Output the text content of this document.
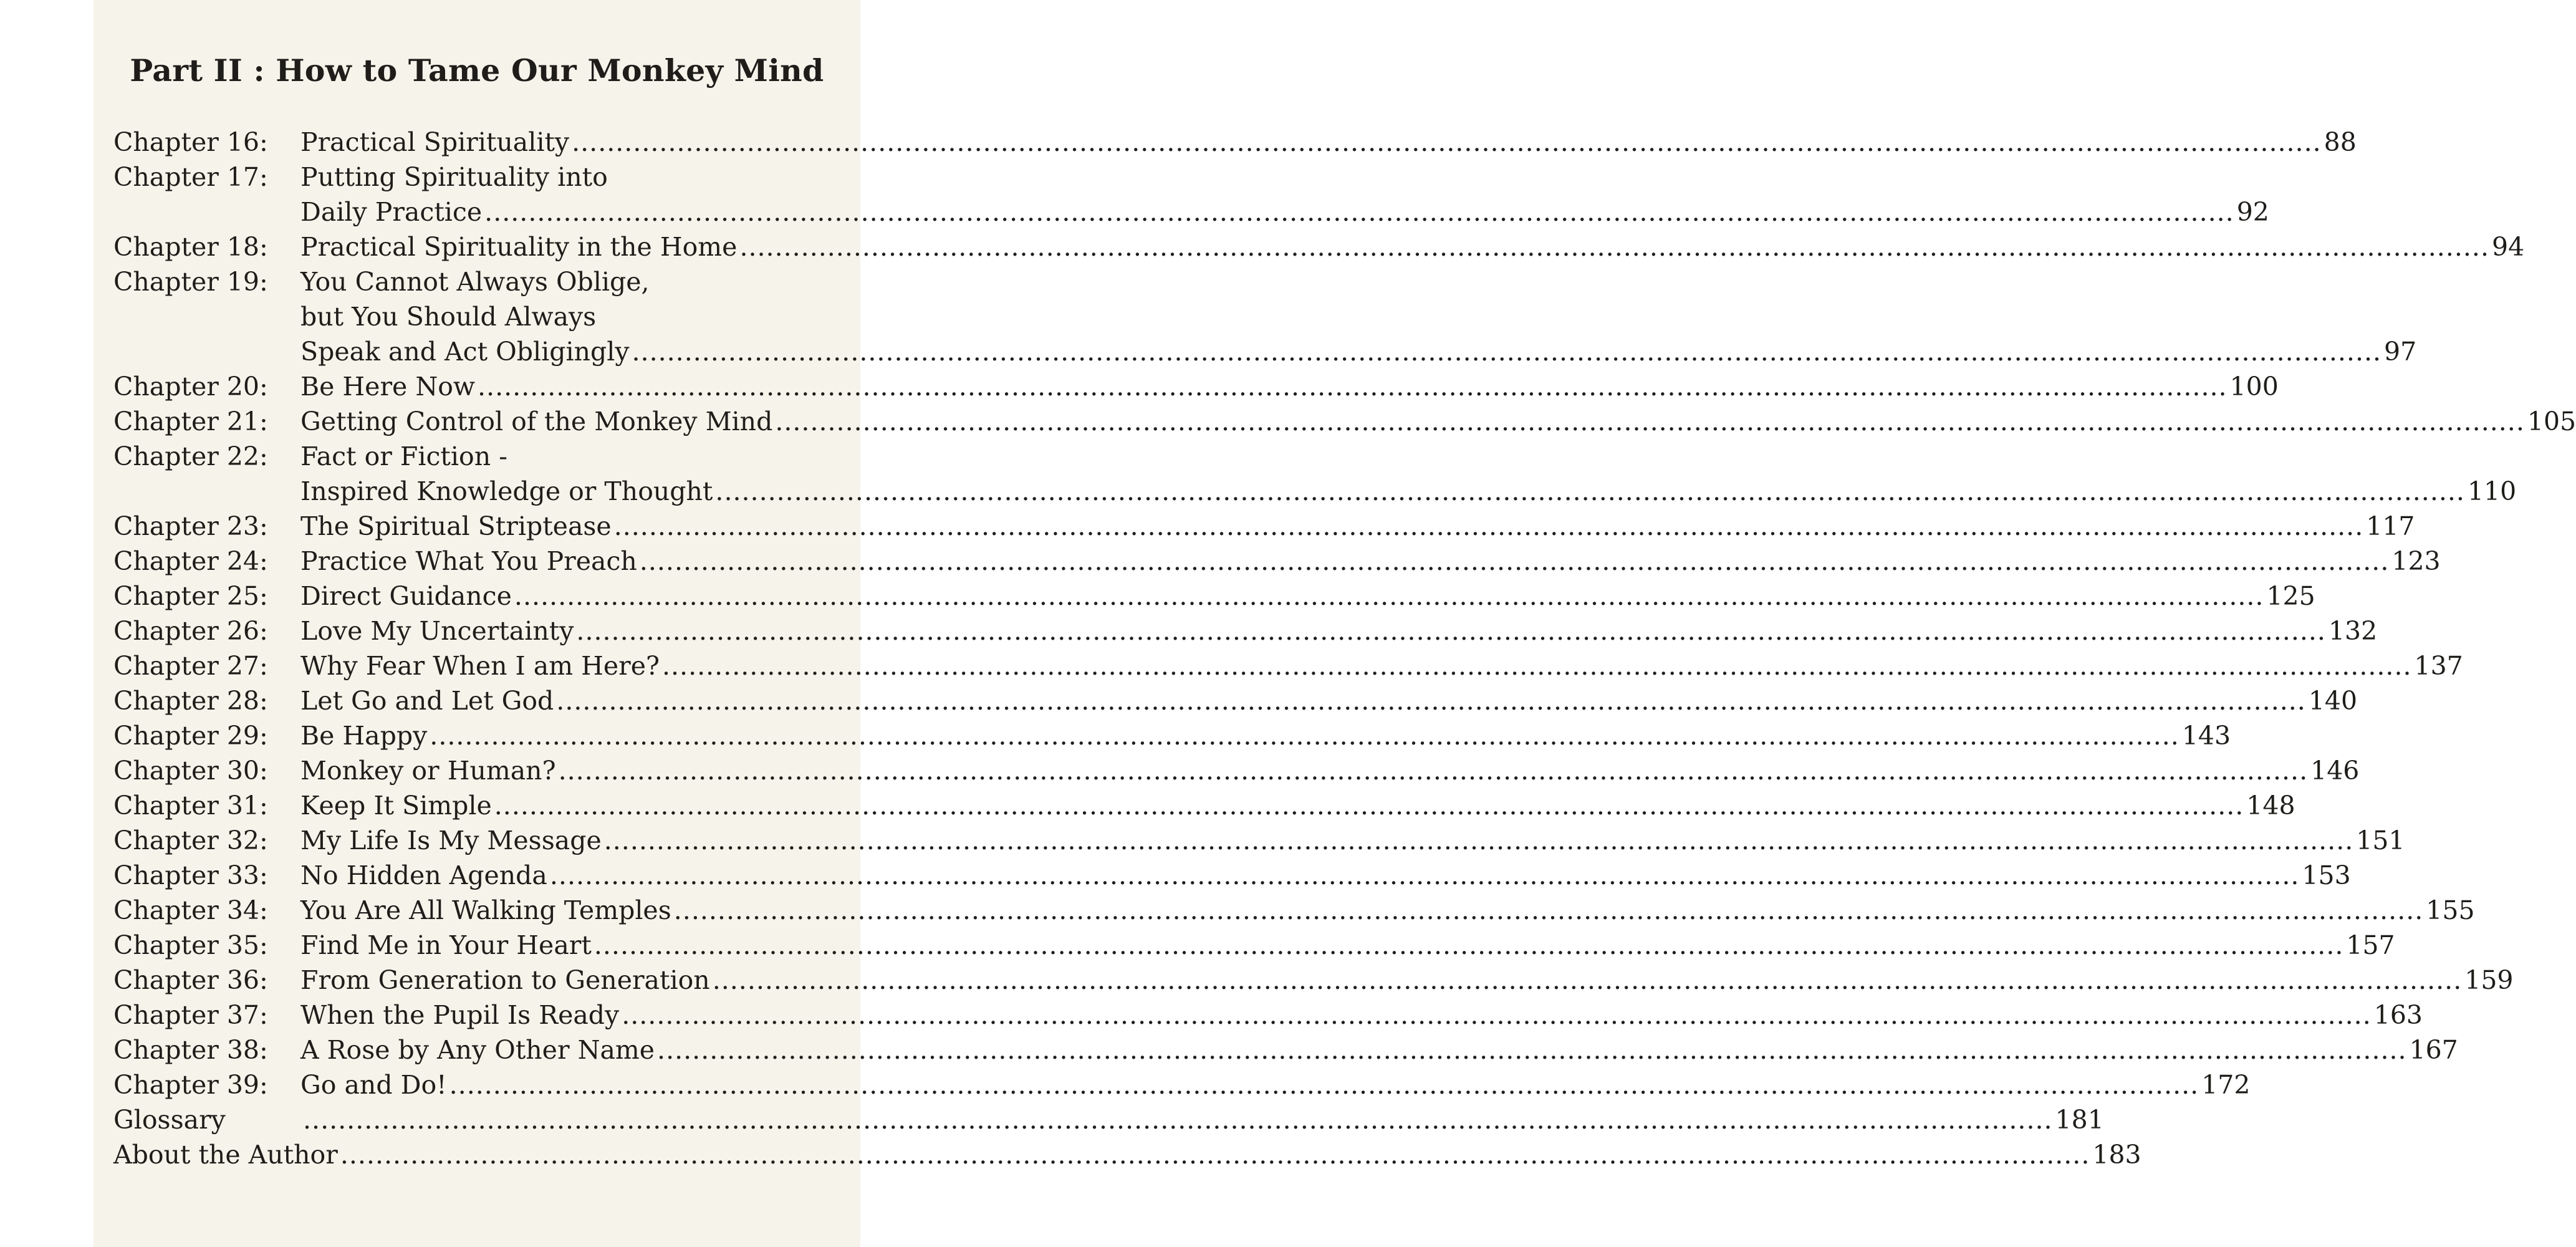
Part II : How to Tame Our Monkey Mind
Chapter 16:	Practical Spirituality ........................................................................................................................................................................................................ 88
Chapter 17:	Putting Spirituality into
Daily Practice ........................................................................................................................................................................................................ 92
Chapter 18:	Practical Spirituality in the Home ........................................................................................................................................................................................................ 94
Chapter 19:	You Cannot Always Oblige,
but You Should Always
Speak and Act Obligingly ........................................................................................................................................................................................................ 97
Chapter 20:	Be Here Now ........................................................................................................................................................................................................ 100
Chapter 21:	Getting Control of the Monkey Mind ........................................................................................................................................................................................................ 105
Chapter 22:	Fact or Fiction -
Inspired Knowledge or Thought ........................................................................................................................................................................................................ 110
Chapter 23:	The Spiritual Striptease ........................................................................................................................................................................................................ 117
Chapter 24:	Practice What You Preach ........................................................................................................................................................................................................ 123
Chapter 25:	Direct Guidance ........................................................................................................................................................................................................ 125
Chapter 26:	Love My Uncertainty ........................................................................................................................................................................................................ 132
Chapter 27:	Why Fear When I am Here? ........................................................................................................................................................................................................ 137
Chapter 28:	Let Go and Let God ........................................................................................................................................................................................................ 140
Chapter 29:	Be Happy ........................................................................................................................................................................................................ 143
Chapter 30:	Monkey or Human? ........................................................................................................................................................................................................ 146
Chapter 31:	Keep It Simple ........................................................................................................................................................................................................ 148
Chapter 32:	My Life Is My Message ........................................................................................................................................................................................................ 151
Chapter 33:	No Hidden Agenda ........................................................................................................................................................................................................ 153
Chapter 34:	You Are All Walking Temples ........................................................................................................................................................................................................ 155
Chapter 35:	Find Me in Your Heart ........................................................................................................................................................................................................ 157
Chapter 36:	From Generation to Generation ........................................................................................................................................................................................................ 159
Chapter 37:	When the Pupil Is Ready ........................................................................................................................................................................................................ 163
Chapter 38:	A Rose by Any Other Name ........................................................................................................................................................................................................ 167
Chapter 39:	Go and Do! ........................................................................................................................................................................................................ 172
Glossary	........................................................................................................................................................................................................ 181
About the Author ........................................................................................................................................................................................................ 183
